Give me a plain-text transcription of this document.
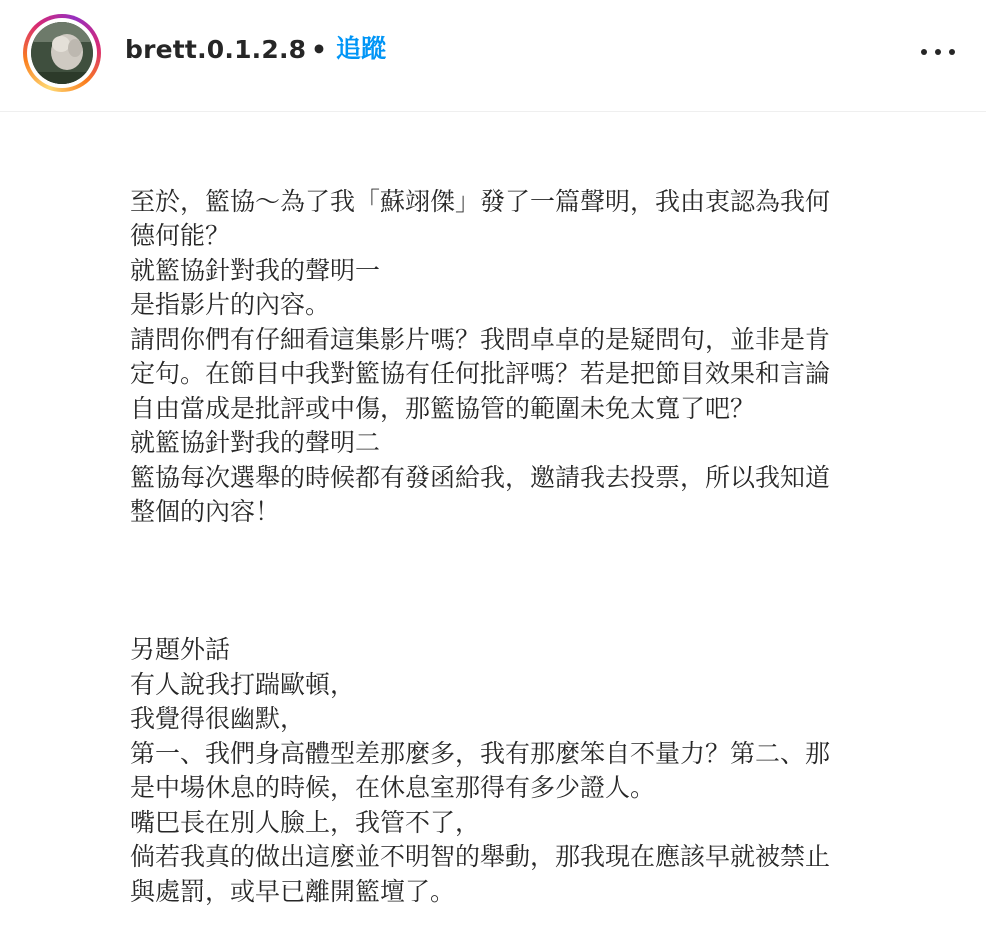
brett.0.1.2.8 • 追蹤

至於，籃協～為了我「蘇翊傑」發了一篇聲明，我由衷認為我何
德何能？
就籃協針對我的聲明一
是指影片的內容。
請問你們有仔細看這集影片嗎？我問卓卓的是疑問句，並非是肯
定句。在節目中我對籃協有任何批評嗎？若是把節目效果和言論
自由當成是批評或中傷，那籃協管的範圍未免太寬了吧？
就籃協針對我的聲明二
籃協每次選舉的時候都有發函給我，邀請我去投票，所以我知道
整個的內容！

另題外話
有人說我打踹歐頓，
我覺得很幽默，
第一、我們身高體型差那麼多，我有那麼笨自不量力？第二、那
是中場休息的時候，在休息室那得有多少證人。
嘴巴長在別人臉上，我管不了，
倘若我真的做出這麼並不明智的舉動，那我現在應該早就被禁止
與處罰，或早已離開籃壇了。
